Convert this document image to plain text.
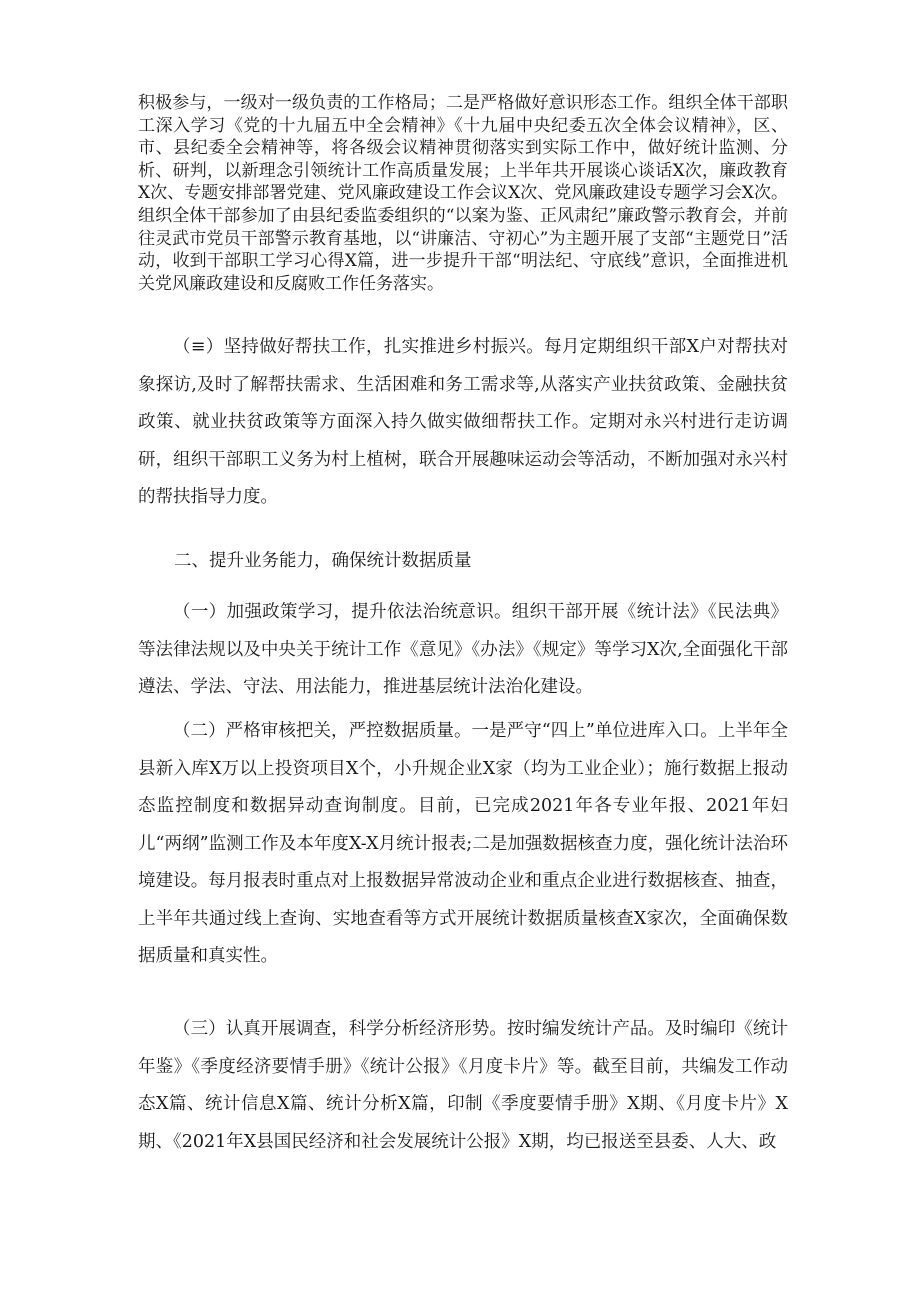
积极参与，一级对一级负责的工作格局；二是严格做好意识形态工作。组织全体干部职工深入学习《党的十九届五中全会精神》《十九届中央纪委五次全体会议精神》，区、市、县纪委全会精神等，将各级会议精神贯彻落实到实际工作中，做好统计监测、分析、研判，以新理念引领统计工作高质量发展；上半年共开展谈心谈话X次，廉政教育X次、专题安排部署党建、党风廉政建设工作会议X次、党风廉政建设专题学习会X次。组织全体干部参加了由县纪委监委组织的“以案为鉴、正风肃纪”廉政警示教育会，并前往灵武市党员干部警示教育基地，以“讲廉洁、守初心”为主题开展了支部“主题党日”活动，收到干部职工学习心得X篇，进一步提升干部“明法纪、守底线”意识，全面推进机关党风廉政建设和反腐败工作任务落实。

（≡）坚持做好帮扶工作，扎实推进乡村振兴。每月定期组织干部X户对帮扶对象探访,及时了解帮扶需求、生活困难和务工需求等,从落实产业扶贫政策、金融扶贫政策、就业扶贫政策等方面深入持久做实做细帮扶工作。定期对永兴村进行走访调研，组织干部职工义务为村上植树，联合开展趣味运动会等活动，不断加强对永兴村的帮扶指导力度。

二、提升业务能力，确保统计数据质量

（一）加强政策学习，提升依法治统意识。组织干部开展《统计法》《民法典》等法律法规以及中央关于统计工作《意见》《办法》《规定》等学习X次,全面强化干部遵法、学法、守法、用法能力，推进基层统计法治化建设。

（二）严格审核把关，严控数据质量。一是严守“四上”单位进库入口。上半年全县新入库X万以上投资项目X个，小升规企业X家（均为工业企业）；施行数据上报动态监控制度和数据异动查询制度。目前，已完成2021年各专业年报、2021年妇儿“两纲”监测工作及本年度X-X月统计报表;二是加强数据核查力度，强化统计法治环境建设。每月报表时重点对上报数据异常波动企业和重点企业进行数据核查、抽查，上半年共通过线上查询、实地查看等方式开展统计数据质量核查X家次，全面确保数据质量和真实性。

（三）认真开展调查，科学分析经济形势。按时编发统计产品。及时编印《统计年鉴》《季度经济要情手册》《统计公报》《月度卡片》等。截至目前，共编发工作动态X篇、统计信息X篇、统计分析X篇，印制《季度要情手册》X期、《月度卡片》X期、《2021年X县国民经济和社会发展统计公报》X期，均已报送至县委、人大、政
